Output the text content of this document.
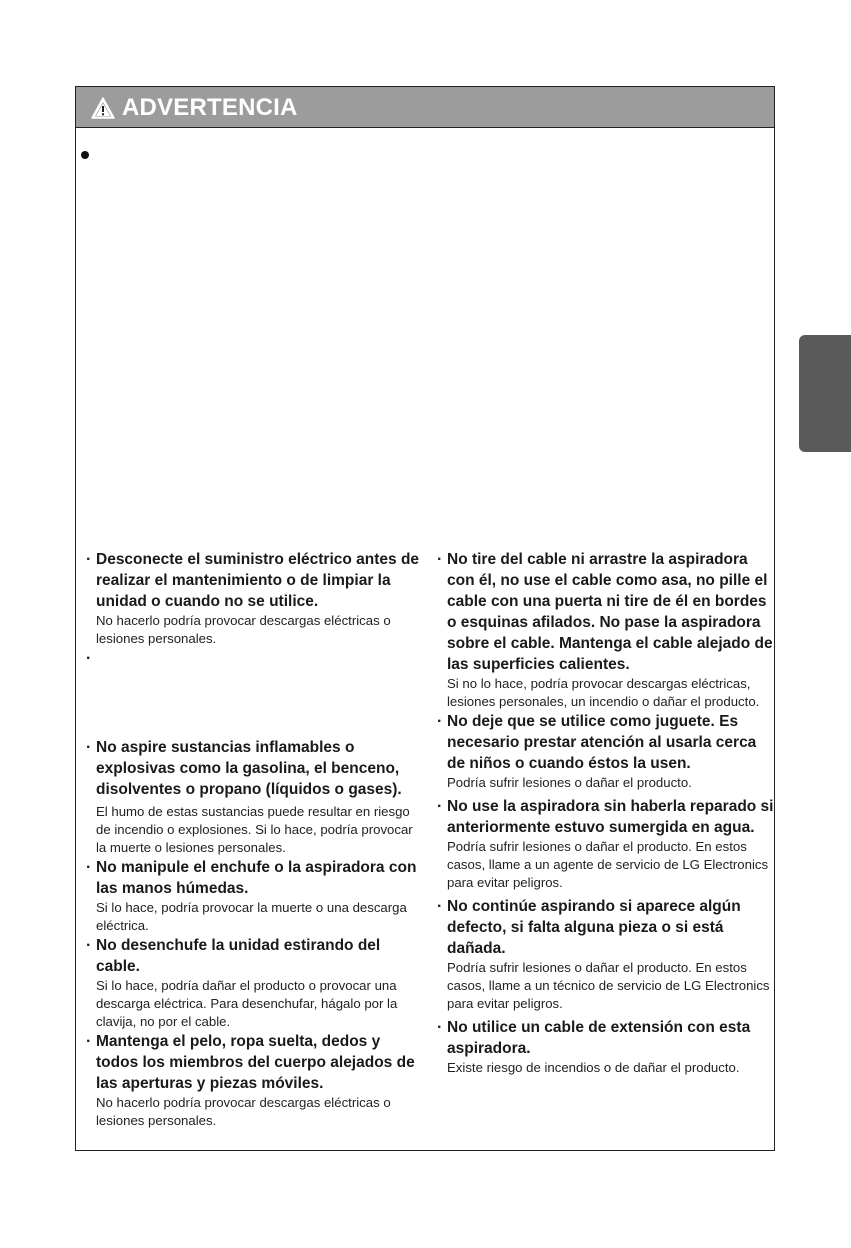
ADVERTENCIA
· Desconecte el suministro eléctrico antes de realizar el mantenimiento o de limpiar la unidad o cuando no se utilice.

No hacerlo podría provocar descargas eléctricas o lesiones personales.

·
· No aspire sustancias inflamables o explosivas como la gasolina, el benceno, disolventes o propano (líquidos o gases).

El humo de estas sustancias puede resultar en riesgo de incendio o explosiones. Si lo hace, podría provocar la muerte o lesiones personales.

· No manipule el enchufe o la aspiradora con las manos húmedas.

Si lo hace, podría provocar la muerte o una descarga eléctrica.

· No desenchufe la unidad estirando del cable.

Si lo hace, podría dañar el producto o provocar una descarga eléctrica. Para desenchufar, hágalo por la clavija, no por el cable.

· Mantenga el pelo, ropa suelta, dedos y todos los miembros del cuerpo alejados de las aperturas y piezas móviles.

No hacerlo podría provocar descargas eléctricas o lesiones personales.

· No tire del cable ni arrastre la aspiradora con él, no use el cable como asa, no pille el cable con una puerta ni tire de él en bordes o esquinas afilados. No pase la aspiradora sobre el cable. Mantenga el cable alejado de las superficies calientes.

Si no lo hace, podría provocar descargas eléctricas, lesiones personales, un incendio o dañar el producto.

· No deje que se utilice como juguete. Es necesario prestar atención al usarla cerca de niños o cuando éstos la usen.

Podría sufrir lesiones o dañar el producto.

· No use la aspiradora sin haberla reparado si anteriormente estuvo sumergida en agua.

Podría sufrir lesiones o dañar el producto. En estos casos, llame a un agente de servicio de LG Electronics para evitar peligros.

· No continúe aspirando si aparece algún defecto, si falta alguna pieza o si está dañada.

Podría sufrir lesiones o dañar el producto. En estos casos, llame a un técnico de servicio de LG Electronics para evitar peligros.

· No utilice un cable de extensión con esta aspiradora.

Existe riesgo de incendios o de dañar el producto.
